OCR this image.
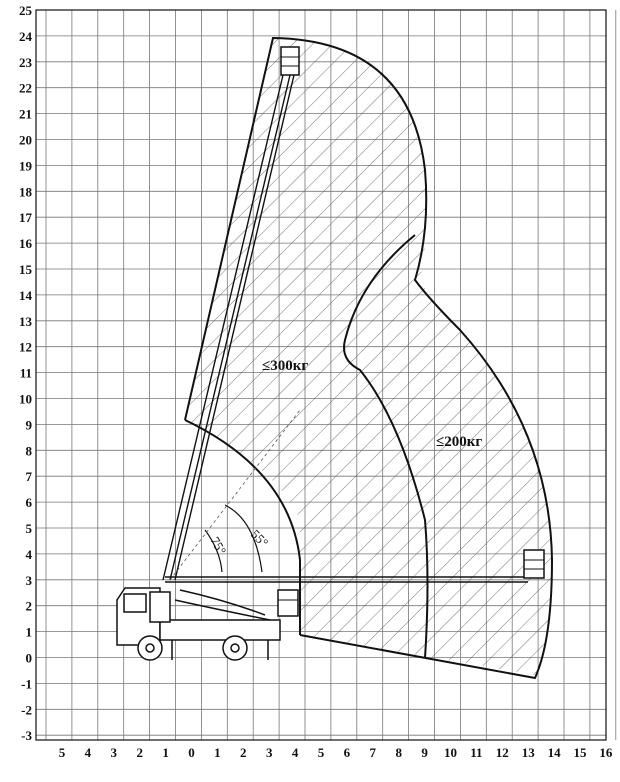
75° 55°
≤300кг
≤200кг
25
24
23
22
21
20
19
18
17
16
15
14
13
12
11
10
9
8
7
6
5
4
3
2
1
0
-1
-2
-3
5 4 3 2 1 0 1 2 3 4 5 6 7 8 9 10 11 12 13 14 15 16
